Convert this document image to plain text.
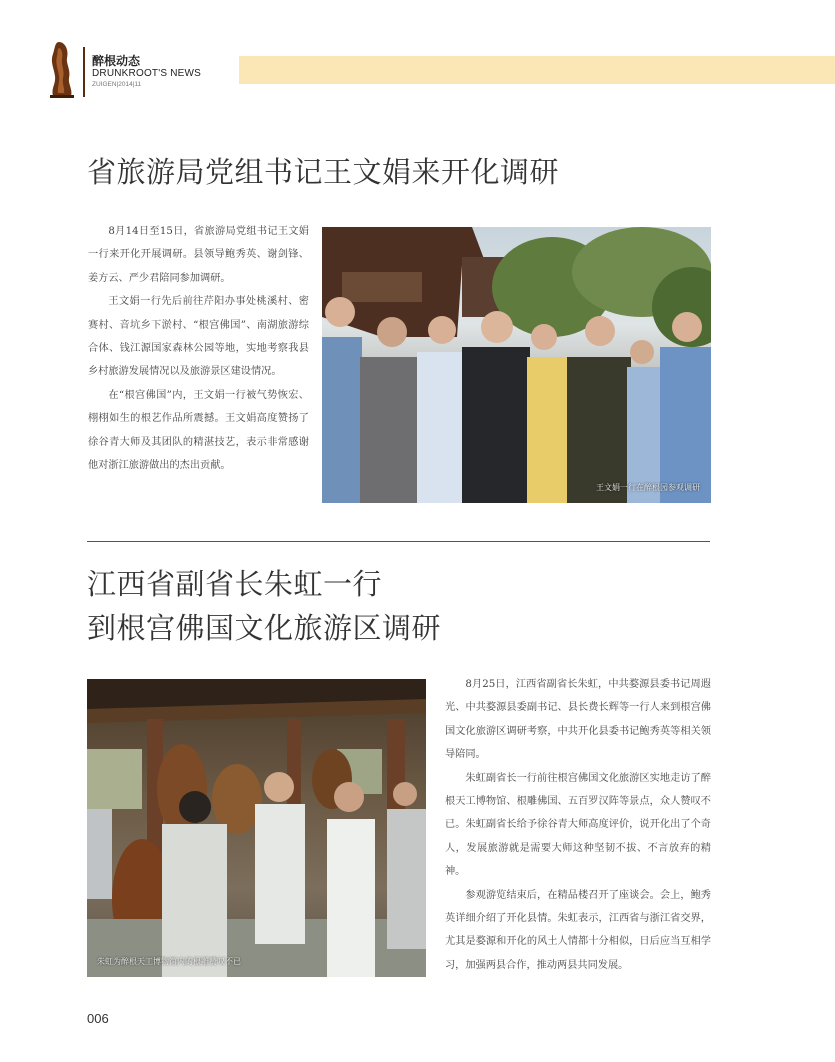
醉根动态
DRUNKROOT'S NEWS
ZUIGEN|2014|11
省旅游局党组书记王文娟来开化调研

8月14日至15日，省旅游局党组书记王文娟一行来开化开展调研。县领导鲍秀英、谢剑锋、姜方云、严少君陪同参加调研。

王文娟一行先后前往芹阳办事处桃溪村、密赛村、音坑乡下淤村、“根宫佛国”、南湖旅游综合体、钱江源国家森林公园等地，实地考察我县乡村旅游发展情况以及旅游景区建设情况。

在“根宫佛国”内，王文娟一行被气势恢宏、栩栩如生的根艺作品所震撼。王文娟高度赞扬了徐谷青大师及其团队的精湛技艺，表示非常感谢他对浙江旅游做出的杰出贡献。

王文娟一行在醉根园参观调研
江西省副省长朱虹一行
到根宫佛国文化旅游区调研
朱虹为醉根天工博物馆内的根雕赞叹不已

8月25日，江西省副省长朱虹，中共婺源县委书记周遐光、中共婺源县委副书记、县长费长辉等一行人来到根宫佛国文化旅游区调研考察，中共开化县委书记鲍秀英等相关领导陪同。

朱虹副省长一行前往根宫佛国文化旅游区实地走访了醉根天工博物馆、根雕佛国、五百罗汉阵等景点，众人赞叹不已。朱虹副省长给予徐谷青大师高度评价，说开化出了个奇人，发展旅游就是需要大师这种坚韧不拔、不言放弃的精神。

参观游览结束后，在精品楼召开了座谈会。会上，鲍秀英详细介绍了开化县情。朱虹表示，江西省与浙江省交界，尤其是婺源和开化的风土人情都十分相似，日后应当互相学习，加强两县合作，推动两县共同发展。

006
